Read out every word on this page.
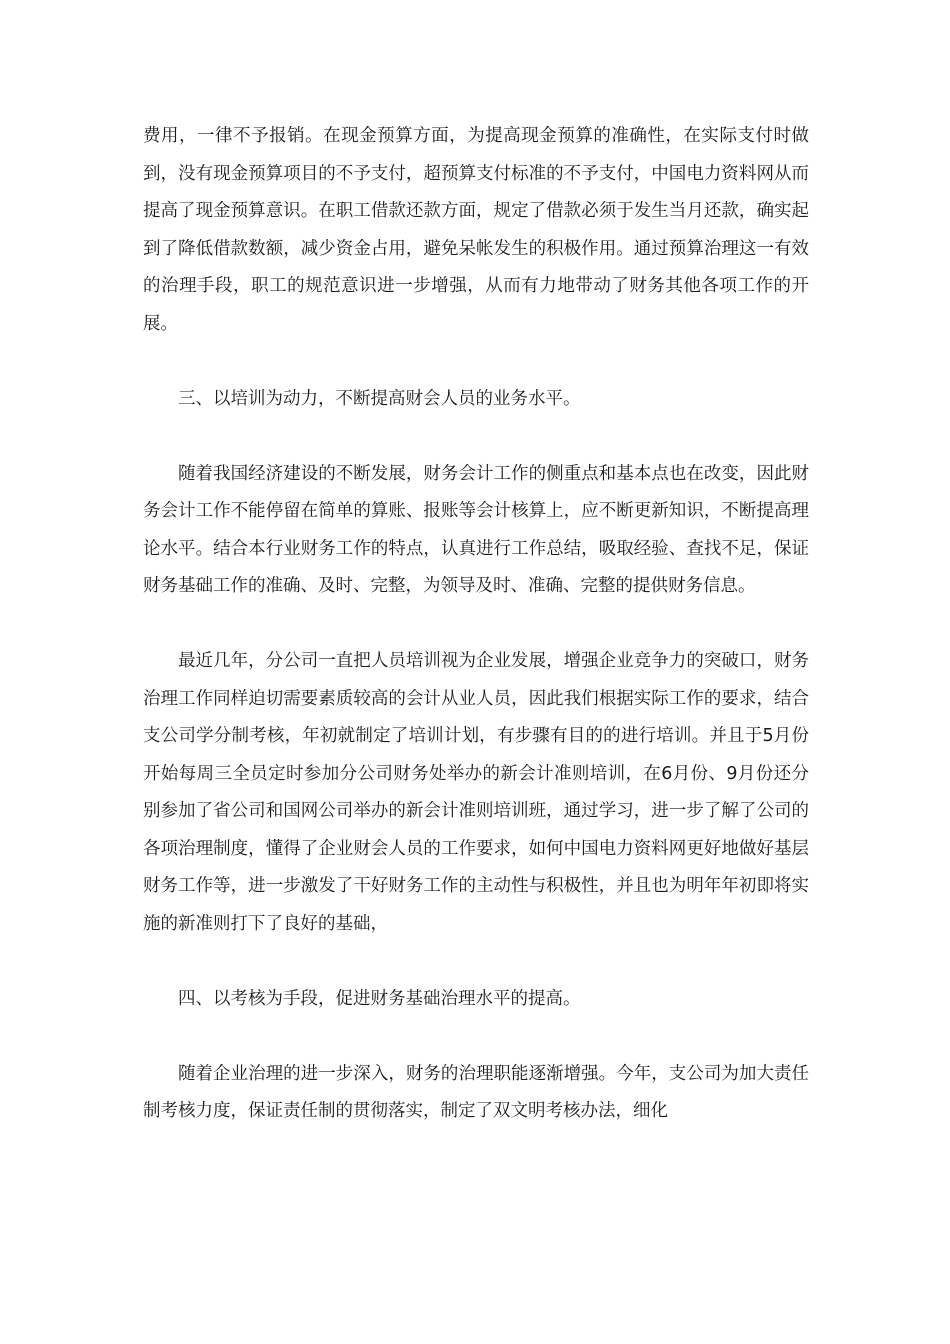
费用，一律不予报销。在现金预算方面，为提高现金预算的准确性，在实际支付时做到，没有现金预算项目的不予支付，超预算支付标准的不予支付，中国电力资料网从而提高了现金预算意识。在职工借款还款方面，规定了借款必须于发生当月还款，确实起到了降低借款数额，减少资金占用，避免呆帐发生的积极作用。通过预算治理这一有效的治理手段，职工的规范意识进一步增强，从而有力地带动了财务其他各项工作的开展。

三、以培训为动力，不断提高财会人员的业务水平。

随着我国经济建设的不断发展，财务会计工作的侧重点和基本点也在改变，因此财务会计工作不能停留在简单的算账、报账等会计核算上，应不断更新知识，不断提高理论水平。结合本行业财务工作的特点，认真进行工作总结，吸取经验、查找不足，保证财务基础工作的准确、及时、完整，为领导及时、准确、完整的提供财务信息。

最近几年，分公司一直把人员培训视为企业发展，增强企业竞争力的突破口，财务治理工作同样迫切需要素质较高的会计从业人员，因此我们根据实际工作的要求，结合支公司学分制考核，年初就制定了培训计划，有步骤有目的的进行培训。并且于5月份开始每周三全员定时参加分公司财务处举办的新会计准则培训，在6月份、9月份还分别参加了省公司和国网公司举办的新会计准则培训班，通过学习，进一步了解了公司的各项治理制度，懂得了企业财会人员的工作要求，如何中国电力资料网更好地做好基层财务工作等，进一步激发了干好财务工作的主动性与积极性，并且也为明年年初即将实施的新准则打下了良好的基础，

四、以考核为手段，促进财务基础治理水平的提高。

随着企业治理的进一步深入，财务的治理职能逐渐增强。今年，支公司为加大责任制考核力度，保证责任制的贯彻落实，制定了双文明考核办法，细化
